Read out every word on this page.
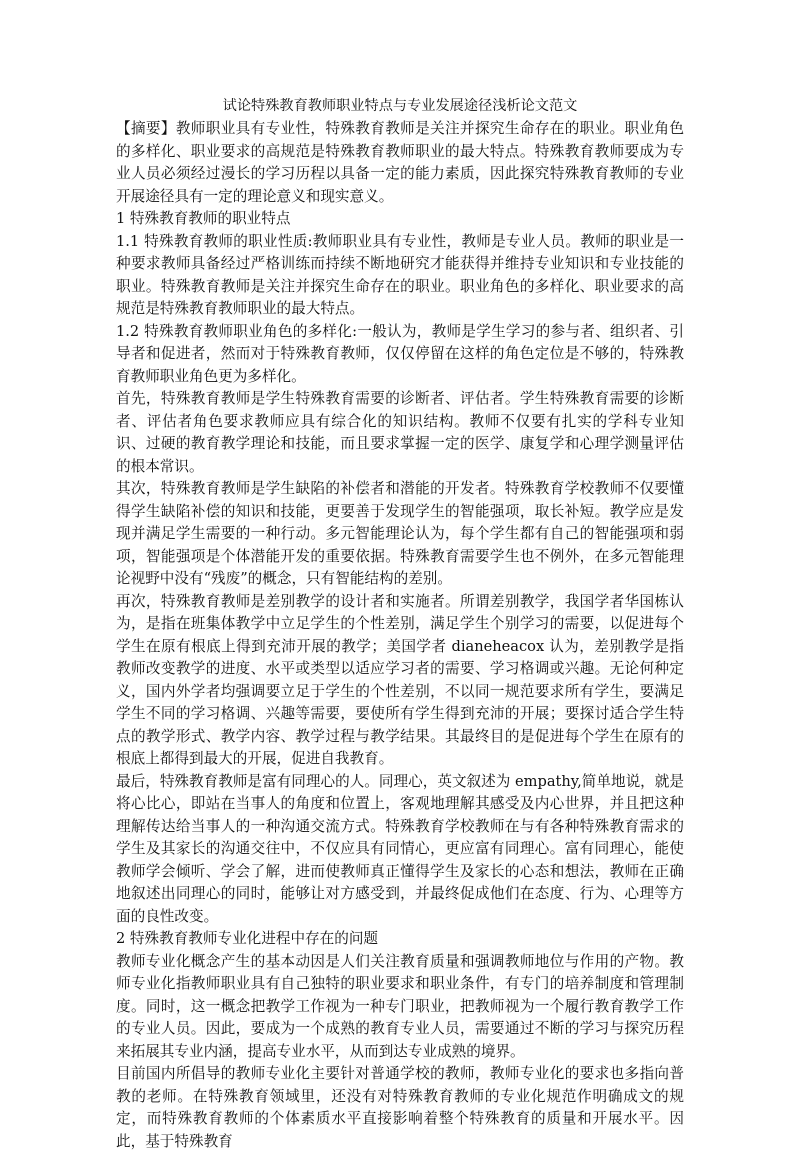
试论特殊教育教师职业特点与专业发展途径浅析论文范文

【摘要】教师职业具有专业性，特殊教育教师是关注并探究生命存在的职业。职业角色的多样化、职业要求的高规范是特殊教育教师职业的最大特点。特殊教育教师要成为专业人员必须经过漫长的学习历程以具备一定的能力素质，因此探究特殊教育教师的专业开展途径具有一定的理论意义和现实意义。

1 特殊教育教师的职业特点

1.1 特殊教育教师的职业性质:教师职业具有专业性，教师是专业人员。教师的职业是一种要求教师具备经过严格训练而持续不断地研究才能获得并维持专业知识和专业技能的职业。特殊教育教师是关注并探究生命存在的职业。职业角色的多样化、职业要求的高规范是特殊教育教师职业的最大特点。

1.2 特殊教育教师职业角色的多样化:一般认为，教师是学生学习的参与者、组织者、引导者和促进者，然而对于特殊教育教师，仅仅停留在这样的角色定位是不够的，特殊教育教师职业角色更为多样化。

首先，特殊教育教师是学生特殊教育需要的诊断者、评估者。学生特殊教育需要的诊断者、评估者角色要求教师应具有综合化的知识结构。教师不仅要有扎实的学科专业知识、过硬的教育教学理论和技能，而且要求掌握一定的医学、康复学和心理学测量评估的根本常识。

其次，特殊教育教师是学生缺陷的补偿者和潜能的开发者。特殊教育学校教师不仅要懂得学生缺陷补偿的知识和技能，更要善于发现学生的智能强项，取长补短。教学应是发现并满足学生需要的一种行动。多元智能理论认为，每个学生都有自己的智能强项和弱项，智能强项是个体潜能开发的重要依据。特殊教育需要学生也不例外，在多元智能理论视野中没有“残废”的概念，只有智能结构的差别。

再次，特殊教育教师是差别教学的设计者和实施者。所谓差别教学，我国学者华国栋认为，是指在班集体教学中立足学生的个性差别，满足学生个别学习的需要，以促进每个学生在原有根底上得到充沛开展的教学；美国学者 dianeheacox 认为，差别教学是指教师改变教学的进度、水平或类型以适应学习者的需要、学习格调或兴趣。无论何种定义，国内外学者均强调要立足于学生的个性差别，不以同一规范要求所有学生，要满足学生不同的学习格调、兴趣等需要，要使所有学生得到充沛的开展；要探讨适合学生特点的教学形式、教学内容、教学过程与教学结果。其最终目的是促进每个学生在原有的根底上都得到最大的开展，促进自我教育。

最后，特殊教育教师是富有同理心的人。同理心，英文叙述为 empathy,简单地说，就是将心比心，即站在当事人的角度和位置上，客观地理解其感受及内心世界，并且把这种理解传达给当事人的一种沟通交流方式。特殊教育学校教师在与有各种特殊教育需求的学生及其家长的沟通交往中，不仅应具有同情心，更应富有同理心。富有同理心，能使教师学会倾听、学会了解，进而使教师真正懂得学生及家长的心态和想法，教师在正确地叙述出同理心的同时，能够让对方感受到，并最终促成他们在态度、行为、心理等方面的良性改变。

2 特殊教育教师专业化进程中存在的问题

教师专业化概念产生的基本动因是人们关注教育质量和强调教师地位与作用的产物。教师专业化指教师职业具有自己独特的职业要求和职业条件，有专门的培养制度和管理制度。同时，这一概念把教学工作视为一种专门职业，把教师视为一个履行教育教学工作的专业人员。因此，要成为一个成熟的教育专业人员，需要通过不断的学习与探究历程来拓展其专业内涵，提高专业水平，从而到达专业成熟的境界。

目前国内所倡导的教师专业化主要针对普通学校的教师，教师专业化的要求也多指向普教的老师。在特殊教育领域里，还没有对特殊教育教师的专业化规范作明确成文的规定，而特殊教育教师的个体素质水平直接影响着整个特殊教育的质量和开展水平。因此，基于特殊教育
